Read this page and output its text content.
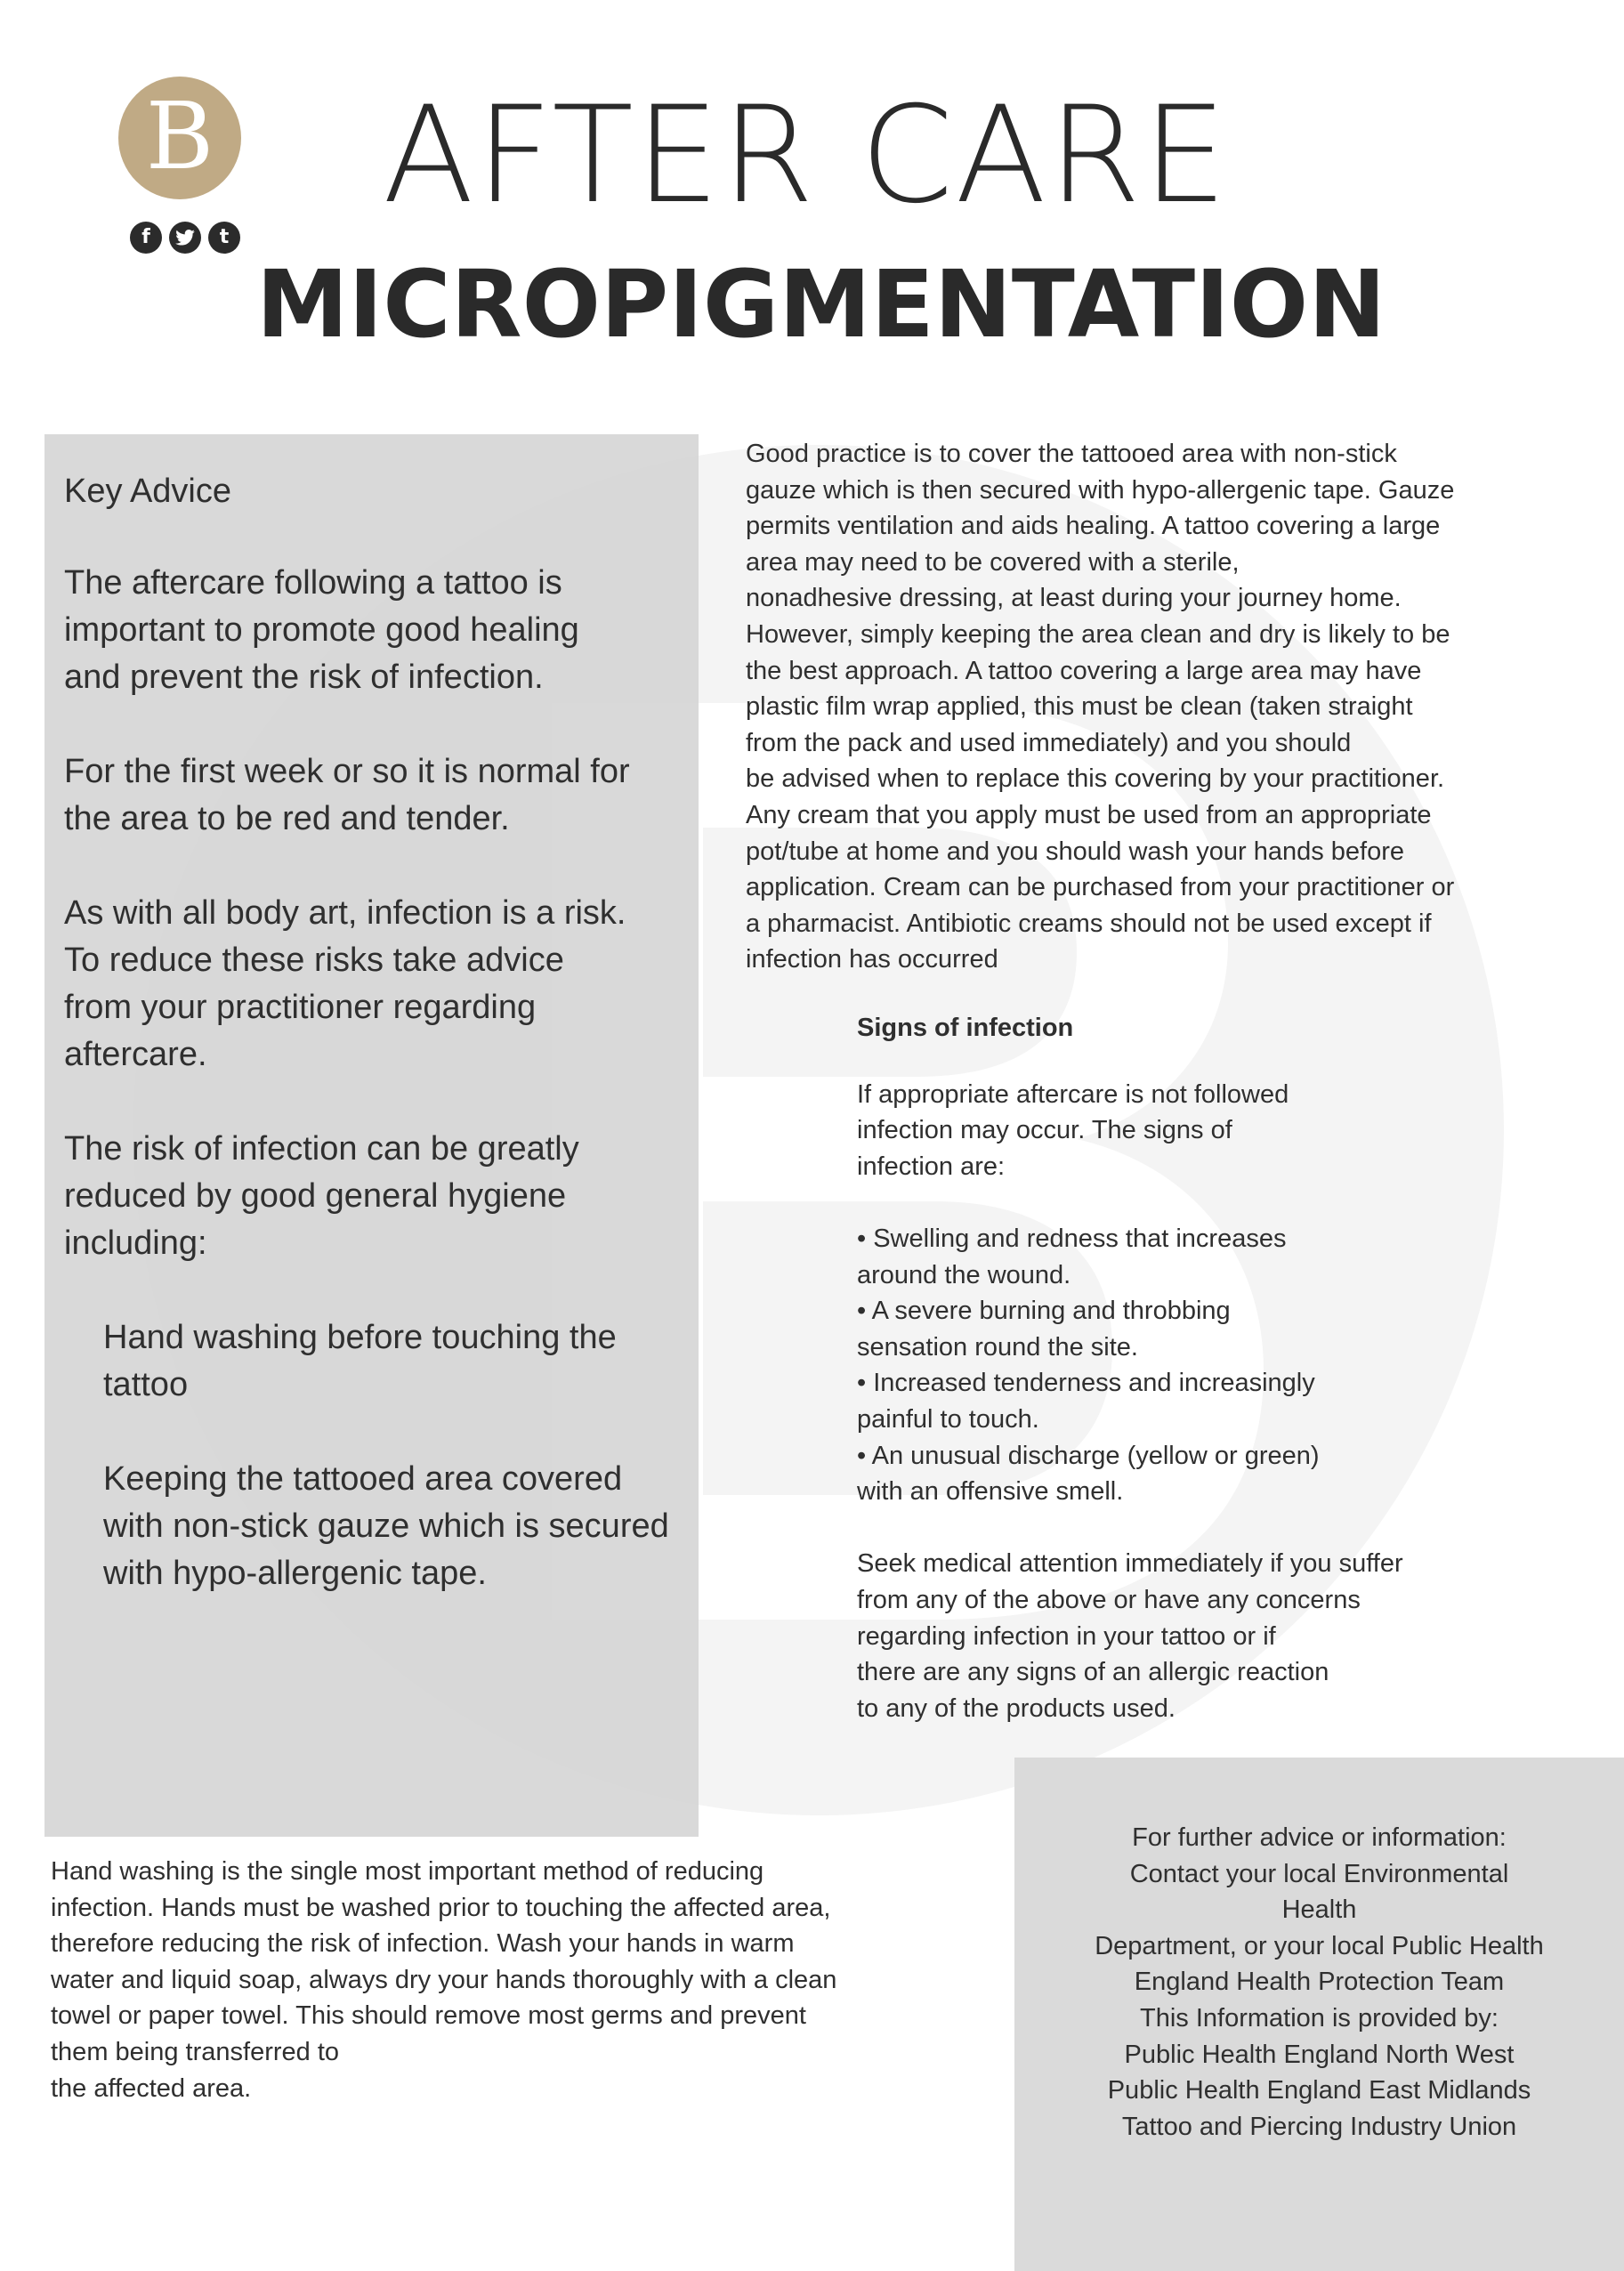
B
f	t
AFTER CARE
MICROPIGMENTATION
Key Advice

The aftercare following a tattoo is important to promote good healing and prevent the risk of infection.

For the first week or so it is normal for the area to be red and tender.

As with all body art, infection is a risk. To reduce these risks take advice from your practitioner regarding aftercare.

The risk of infection can be greatly reduced by good general hygiene including:

Hand washing before touching the tattoo

Keeping the tattooed area covered with non-stick gauze which is secured with hypo-allergenic tape.

Good practice is to cover the tattooed area with non-stick
gauze which is then secured with hypo-allergenic tape. Gauze
permits ventilation and aids healing. A tattoo covering a large
area may need to be covered with a sterile,
nonadhesive dressing, at least during your journey home.
However, simply keeping the area clean and dry is likely to be
the best approach. A tattoo covering a large area may have
plastic film wrap applied, this must be clean (taken straight
from the pack and used immediately) and you should
be advised when to replace this covering by your practitioner.
Any cream that you apply must be used from an appropriate
pot/tube at home and you should wash your hands before
application. Cream can be purchased from your practitioner or
a pharmacist. Antibiotic creams should not be used except if
infection has occurred
Signs of infection
If appropriate aftercare is not followed
infection may occur. The signs of
infection are:
• Swelling and redness that increases
around the wound.
• A severe burning and throbbing
sensation round the site.
• Increased tenderness and increasingly
painful to touch.
• An unusual discharge (yellow or green)
with an offensive smell.
Seek medical attention immediately if you suffer
from any of the above or have any concerns
regarding infection in your tattoo or if
there are any signs of an allergic reaction
to any of the products used.
Hand washing is the single most important method of reducing
infection. Hands must be washed prior to touching the affected area,
therefore reducing the risk of infection. Wash your hands in warm
water and liquid soap, always dry your hands thoroughly with a clean
towel or paper towel. This should remove most germs and prevent
them being transferred to
the affected area.
For further advice or information:
Contact your local Environmental
Health
Department, or your local Public Health
England Health Protection Team
This Information is provided by:
Public Health England North West
Public Health England East Midlands
Tattoo and Piercing Industry Union
